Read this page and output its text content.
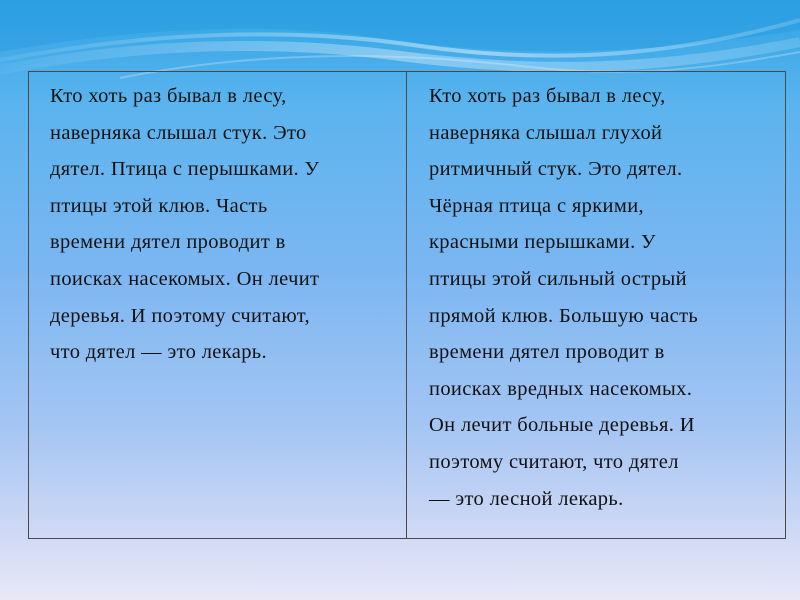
Кто хоть раз бывал в лесу,
наверняка слышал стук. Это
дятел. Птица с перышками. У
птицы этой клюв. Часть
времени дятел проводит в
поисках насекомых. Он лечит
деревья. И поэтому считают,
что дятел — это лекарь.
Кто хоть раз бывал в лесу,
наверняка слышал глухой
ритмичный стук. Это дятел.
Чёрная птица с яркими,
красными перышками. У
птицы этой сильный острый
прямой клюв. Большую часть
времени дятел проводит в
поисках вредных насекомых.
Он лечит больные деревья. И
поэтому считают, что дятел
— это лесной лекарь.
